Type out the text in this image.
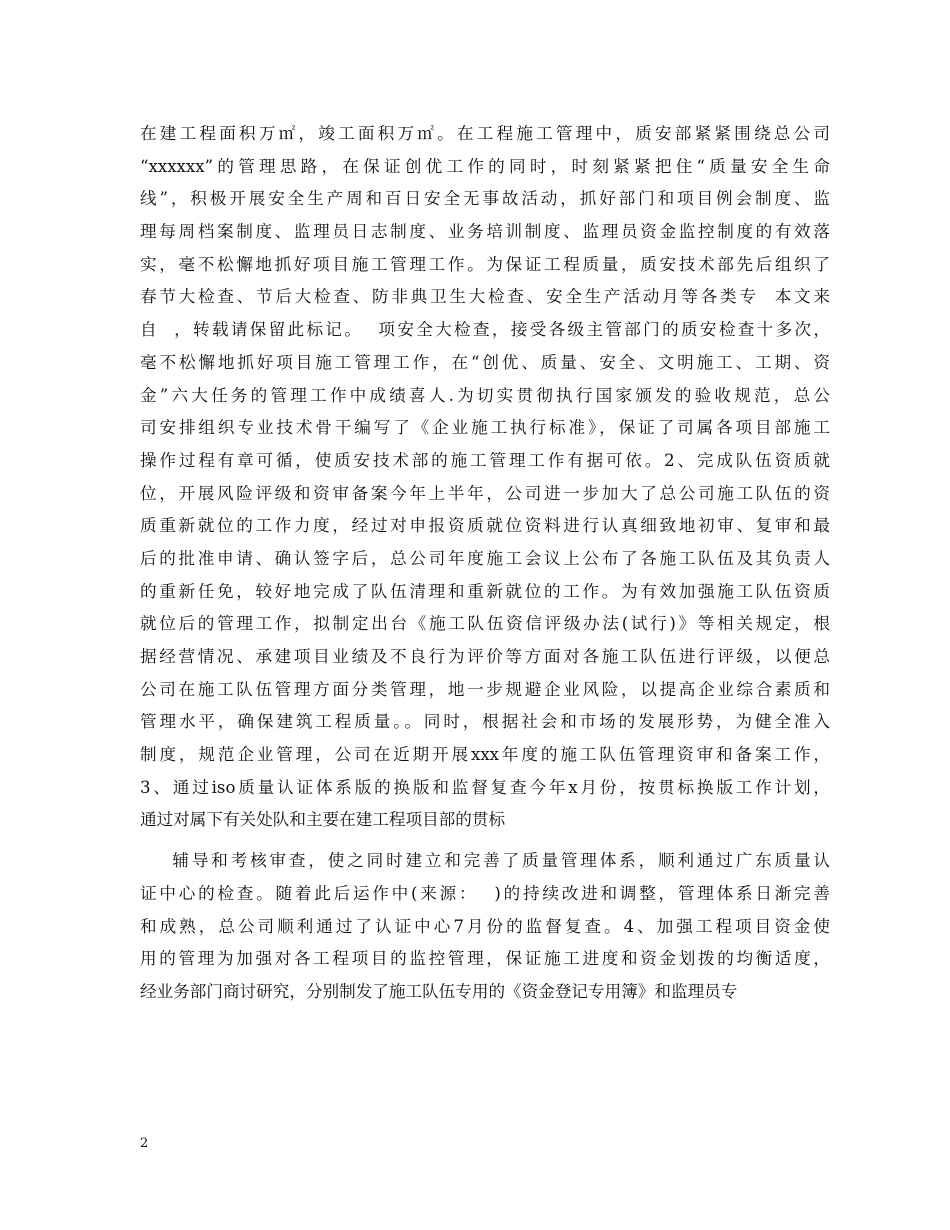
在建工程面积万㎡，竣工面积万㎡。在工程施工管理中，质安部紧紧围绕总公司
“xxxxxx”的管理思路，在保证创优工作的同时，时刻紧紧把住“质量安全生命
线”，积极开展安全生产周和百日安全无事故活动，抓好部门和项目例会制度、监
理每周档案制度、监理员日志制度、业务培训制度、监理员资金监控制度的有效落
实，毫不松懈地抓好项目施工管理工作。为保证工程质量，质安技术部先后组织了
春节大检查、节后大检查、防非典卫生大检查、安全生产活动月等各类专  本文来
自  ，转载请保留此标记。  项安全大检查，接受各级主管部门的质安检查十多次，
毫不松懈地抓好项目施工管理工作，在“创优、质量、安全、文明施工、工期、资
金”六大任务的管理工作中成绩喜人.为切实贯彻执行国家颁发的验收规范，总公
司安排组织专业技术骨干编写了《企业施工执行标准》，保证了司属各项目部施工
操作过程有章可循，使质安技术部的施工管理工作有据可依。2、完成队伍资质就
位，开展风险评级和资审备案今年上半年，公司进一步加大了总公司施工队伍的资
质重新就位的工作力度，经过对申报资质就位资料进行认真细致地初审、复审和最
后的批准申请、确认签字后，总公司年度施工会议上公布了各施工队伍及其负责人
的重新任免，较好地完成了队伍清理和重新就位的工作。为有效加强施工队伍资质
就位后的管理工作，拟制定出台《施工队伍资信评级办法(试行)》等相关规定，根
据经营情况、承建项目业绩及不良行为评价等方面对各施工队伍进行评级，以便总
公司在施工队伍管理方面分类管理，地一步规避企业风险，以提高企业综合素质和
管理水平，确保建筑工程质量。。同时，根据社会和市场的发展形势，为健全准入
制度，规范企业管理，公司在近期开展xxx年度的施工队伍管理资审和备案工作，
3、通过iso质量认证体系版的换版和监督复查今年x月份，按贯标换版工作计划，
通过对属下有关处队和主要在建工程项目部的贯标
辅导和考核审查，使之同时建立和完善了质量管理体系，顺利通过广东质量认
证中心的检查。随着此后运作中(来源：  )的持续改进和调整，管理体系日渐完善
和成熟，总公司顺利通过了认证中心7月份的监督复查。4、加强工程项目资金使
用的管理为加强对各工程项目的监控管理，保证施工进度和资金划拨的均衡适度，
经业务部门商讨研究，分别制发了施工队伍专用的《资金登记专用簿》和监理员专
2
